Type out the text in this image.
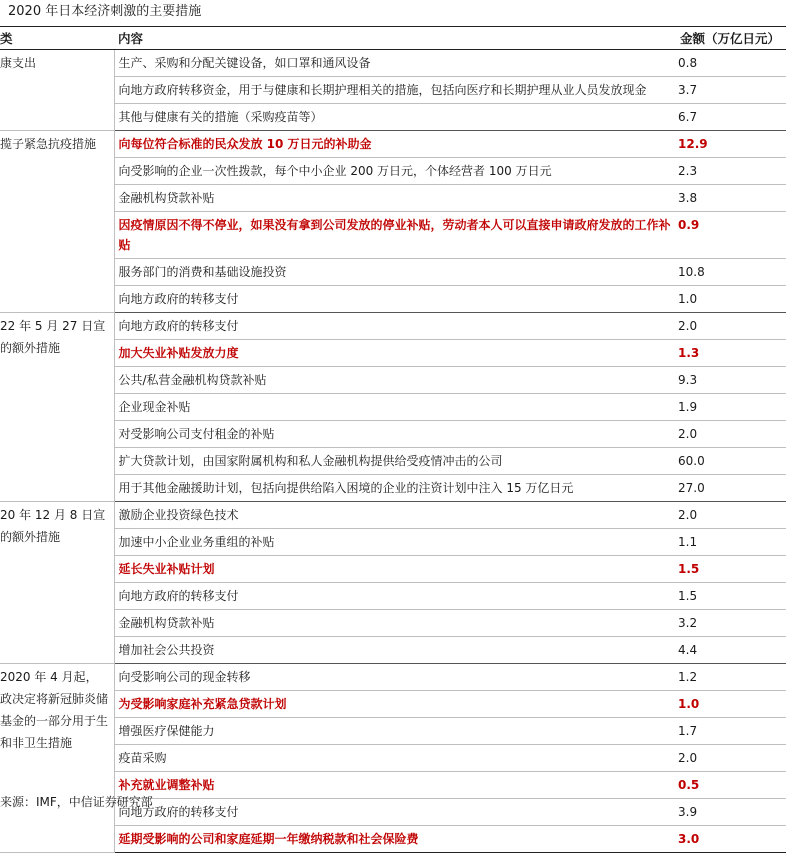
2020 年日本经济刺激的主要措施
类	内容	金额（万亿日元）
康支出	生产、采购和分配关键设备，如口罩和通风设备	0.8
	向地方政府转移资金，用于与健康和长期护理相关的措施，包括向医疗和长期护理从业人员发放现金	3.7
	其他与健康有关的措施（采购疫苗等）	6.7
揽子紧急抗疫措施	向每位符合标准的民众发放 10 万日元的补助金	12.9
	向受影响的企业一次性拨款，每个中小企业 200 万日元，个体经营者 100 万日元	2.3
	金融机构贷款补贴	3.8
	因疫情原因不得不停业，如果没有拿到公司发放的停业补贴，劳动者本人可以直接申请政府发放的工作补贴	0.9
	服务部门的消费和基础设施投资	10.8
	向地方政府的转移支付	1.0
22 年 5 月 27 日宣的额外措施	向地方政府的转移支付	2.0
	加大失业补贴发放力度	1.3
	公共/私营金融机构贷款补贴	9.3
	企业现金补贴	1.9
	对受影响公司支付租金的补贴	2.0
	扩大贷款计划，由国家附属机构和私人金融机构提供给受疫情冲击的公司	60.0
	用于其他金融援助计划，包括向提供给陷入困境的企业的注资计划中注入 15 万亿日元	27.0
20 年 12 月 8 日宣的额外措施	激励企业投资绿色技术	2.0
	加速中小企业业务重组的补贴	1.1
	延长失业补贴计划	1.5
	向地方政府的转移支付	1.5
	金融机构贷款补贴	3.2
	增加社会公共投资	4.4
2020 年 4 月起，政决定将新冠肺炎储基金的一部分用于生和非卫生措施	向受影响公司的现金转移	1.2
	为受影响家庭补充紧急贷款计划	1.0
	增强医疗保健能力	1.7
	疫苗采购	2.0
	补充就业调整补贴	0.5
	向地方政府的转移支付	3.9
	延期受影响的公司和家庭延期一年缴纳税款和社会保险费	3.0
来源：IMF，中信证券研究部
